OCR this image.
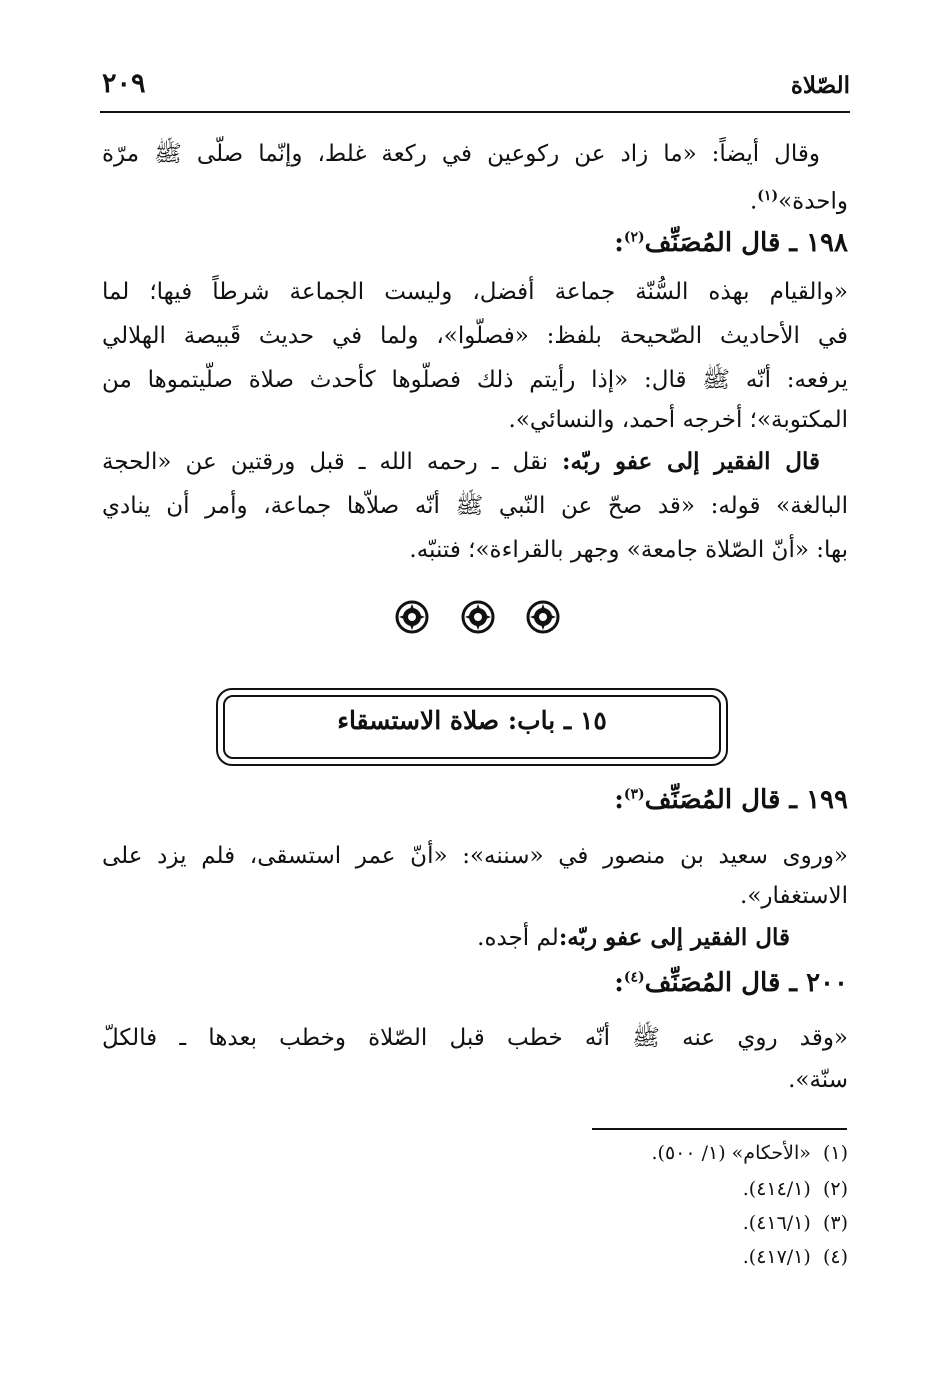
الصّلاة
٢٠٩
وقال أيضاً: «ما زاد عن ركوعين في ركعة غلط، وإنّما صلّى ﷺ مرّة
واحدة»$^{(١)}$.
١٩٨ ـ قال المُصَنِّف$^{(٢)}$:
«والقيام بهذه السُّنّة جماعة أفضل، وليست الجماعة شرطاً فيها؛ لما
في الأحاديث الصّحيحة بلفظ: «فصلّوا»، ولما في حديث قَبيصة الهلالي
يرفعه: أنّه ﷺ قال: «إذا رأيتم ذلك فصلّوها كأحدث صلاة صلّيتموها من
المكتوبة»؛ أخرجه أحمد، والنسائي».
قال الفقير إلى عفو ربّه: نقل ـ رحمه الله ـ قبل ورقتين عن «الحجة
البالغة» قوله: «قد صحّ عن النّبي ﷺ أنّه صلاّها جماعة، وأمر أن ينادي
بها: «أنّ الصّلاة جامعة» وجهر بالقراءة»؛ فتنبّه.
١٥ ـ باب: صلاة الاستسقاء
١٩٩ ـ قال المُصَنِّف$^{(٣)}$:
«وروى سعيد بن منصور في «سننه»: «أنّ عمر استسقى، فلم يزد على
الاستغفار».
قال الفقير إلى عفو ربّه:لم أجده.
٢٠٠ ـ قال المُصَنِّف$^{(٤)}$:
«وقد روي عنه ﷺ أنّه خطب قبل الصّلاة وخطب بعدها ـ فالكلّ
سنّة».
(١)  «الأحكام» (١/ ٥٠٠).
(٢)  (٤١٤/١).
(٣)  (٤١٦/١).
(٤)  (٤١٧/١).
